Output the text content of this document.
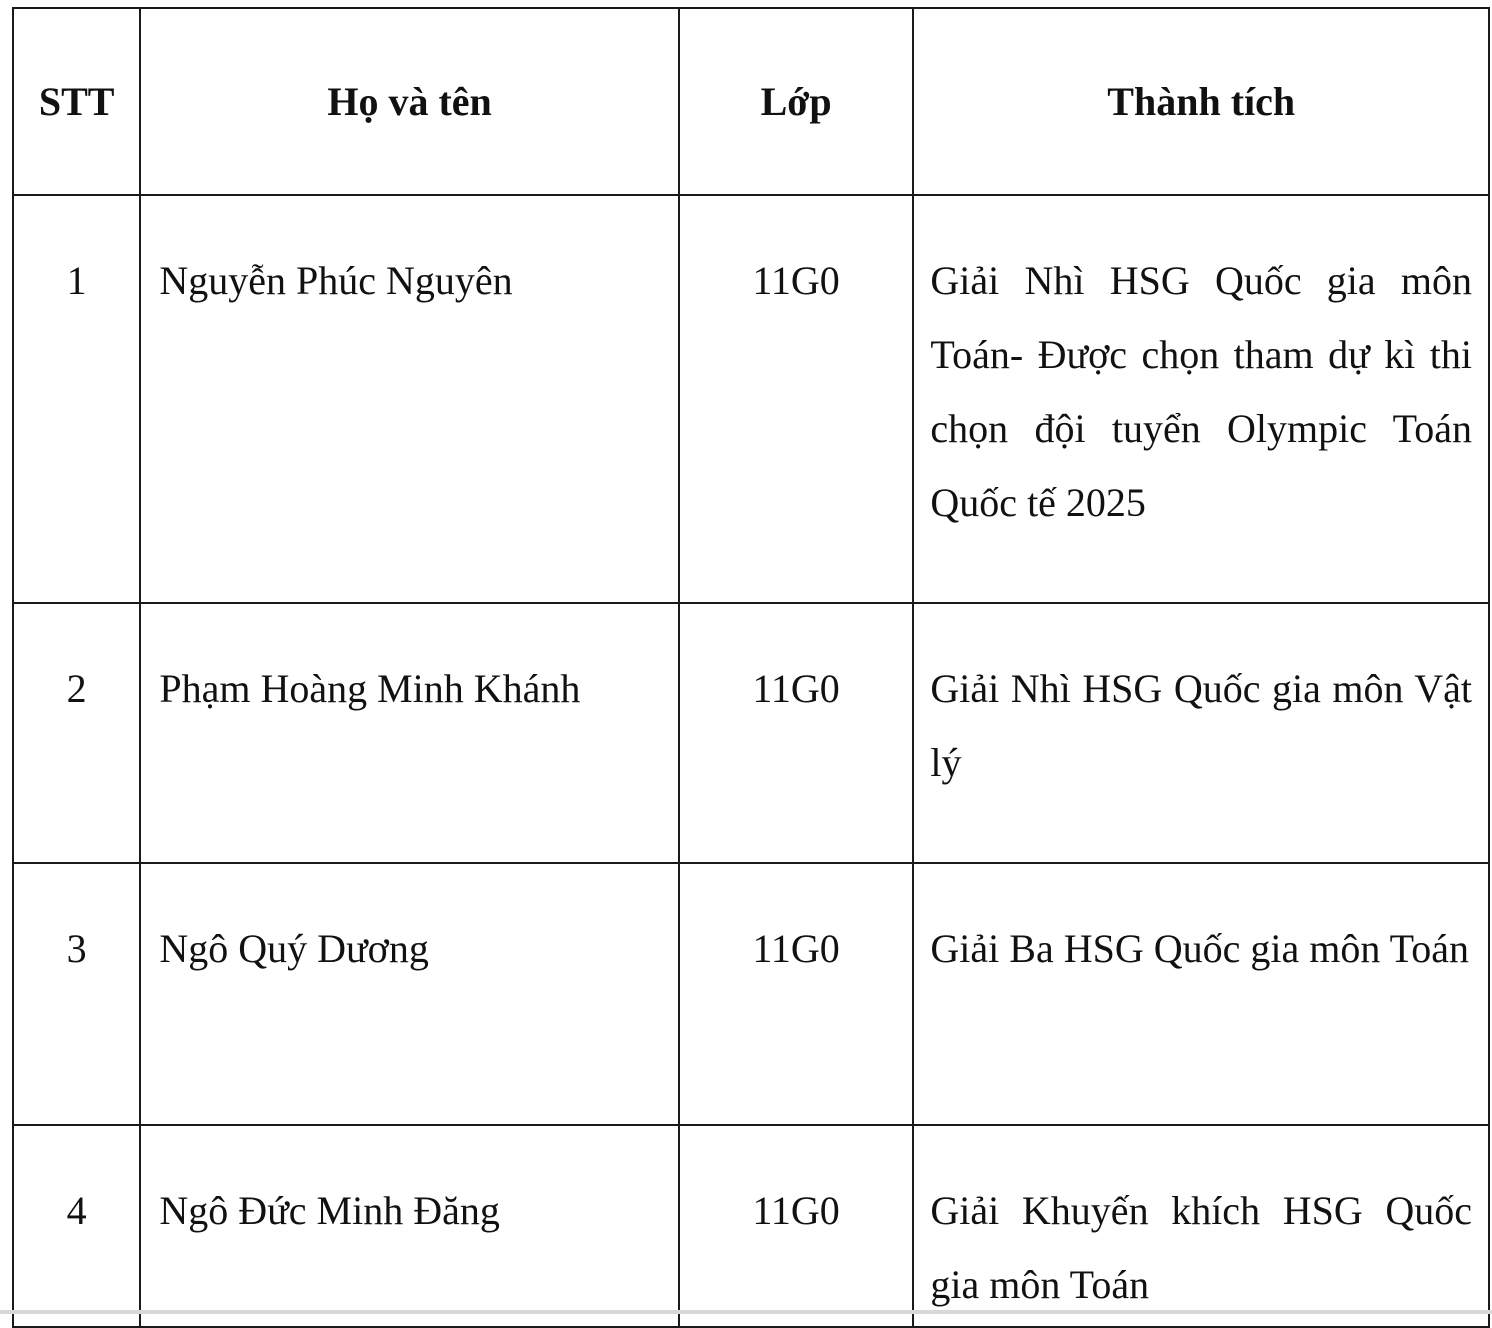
STT	Họ và tên	Lớp	Thành tích

1	Nguyễn Phúc Nguyên	11G0	Giải Nhì HSG Quốc gia môn Toán- Được chọn tham dự kì thi chọn đội tuyển Olympic Toán Quốc tế 2025

2	Phạm Hoàng Minh Khánh	11G0	Giải Nhì HSG Quốc gia môn Vật lý

3	Ngô Quý Dương	11G0	Giải Ba HSG Quốc gia môn Toán

4	Ngô Đức Minh Đăng	11G0	Giải Khuyến khích HSG Quốc gia môn Toán
